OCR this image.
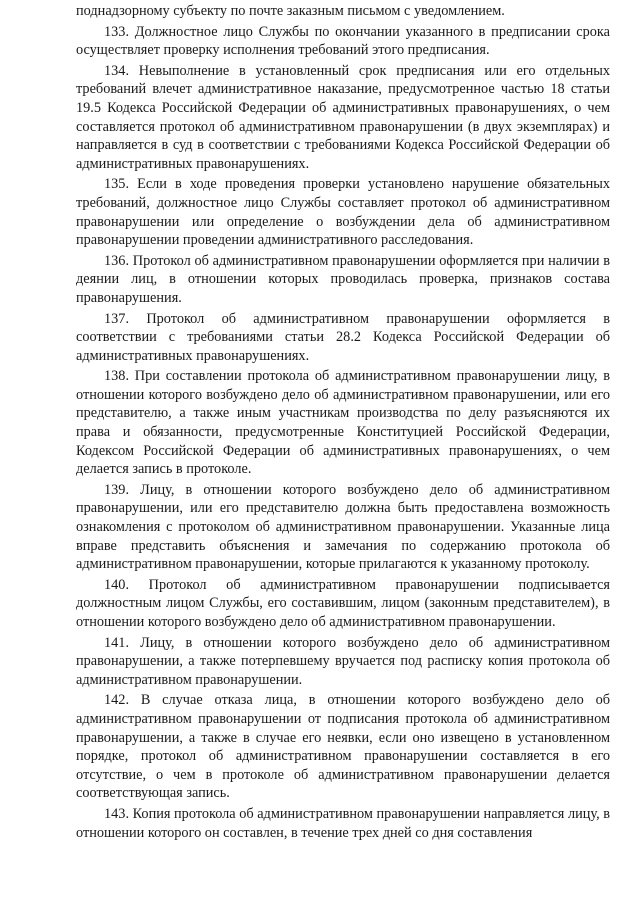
поднадзорному субъекту по почте заказным письмом с уведомлением.

133. Должностное лицо Службы по окончании указанного в предписании срока осуществляет проверку исполнения требований этого предписания.

134. Невыполнение в установленный срок предписания или его отдельных требований влечет административное наказание, предусмотренное частью 18 статьи 19.5 Кодекса Российской Федерации об административных правонарушениях, о чем составляется протокол об административном правонарушении (в двух экземплярах) и направляется в суд в соответствии с требованиями Кодекса Российской Федерации об административных правонарушениях.

135. Если в ходе проведения проверки установлено нарушение обязательных требований, должностное лицо Службы составляет протокол об административном правонарушении или определение о возбуждении дела об административном правонарушении проведении административного расследования.

136. Протокол об административном правонарушении оформляется при наличии в деянии лиц, в отношении которых проводилась проверка, признаков состава правонарушения.

137. Протокол об административном правонарушении оформляется в соответствии с требованиями статьи 28.2 Кодекса Российской Федерации об административных правонарушениях.

138. При составлении протокола об административном правонарушении лицу, в отношении которого возбуждено дело об административном правонарушении, или его представителю, а также иным участникам производства по делу разъясняются их права и обязанности, предусмотренные Конституцией Российской Федерации, Кодексом Российской Федерации об административных правонарушениях, о чем делается запись в протоколе.

139. Лицу, в отношении которого возбуждено дело об административном правонарушении, или его представителю должна быть предоставлена возможность ознакомления с протоколом об административном правонарушении. Указанные лица вправе представить объяснения и замечания по содержанию протокола об административном правонарушении, которые прилагаются к указанному протоколу.

140. Протокол об административном правонарушении подписывается должностным лицом Службы, его составившим, лицом (законным представителем), в отношении которого возбуждено дело об административном правонарушении.

141. Лицу, в отношении которого возбуждено дело об административном правонарушении, а также потерпевшему вручается под расписку копия протокола об административном правонарушении.

142. В случае отказа лица, в отношении которого возбуждено дело об административном правонарушении от подписания протокола об административном правонарушении, а также в случае его неявки, если оно извещено в установленном порядке, протокол об административном правонарушении составляется в его отсутствие, о чем в протоколе об административном правонарушении делается соответствующая запись.

143. Копия протокола об административном правонарушении направляется лицу, в отношении которого он составлен, в течение трех дней со дня составления
